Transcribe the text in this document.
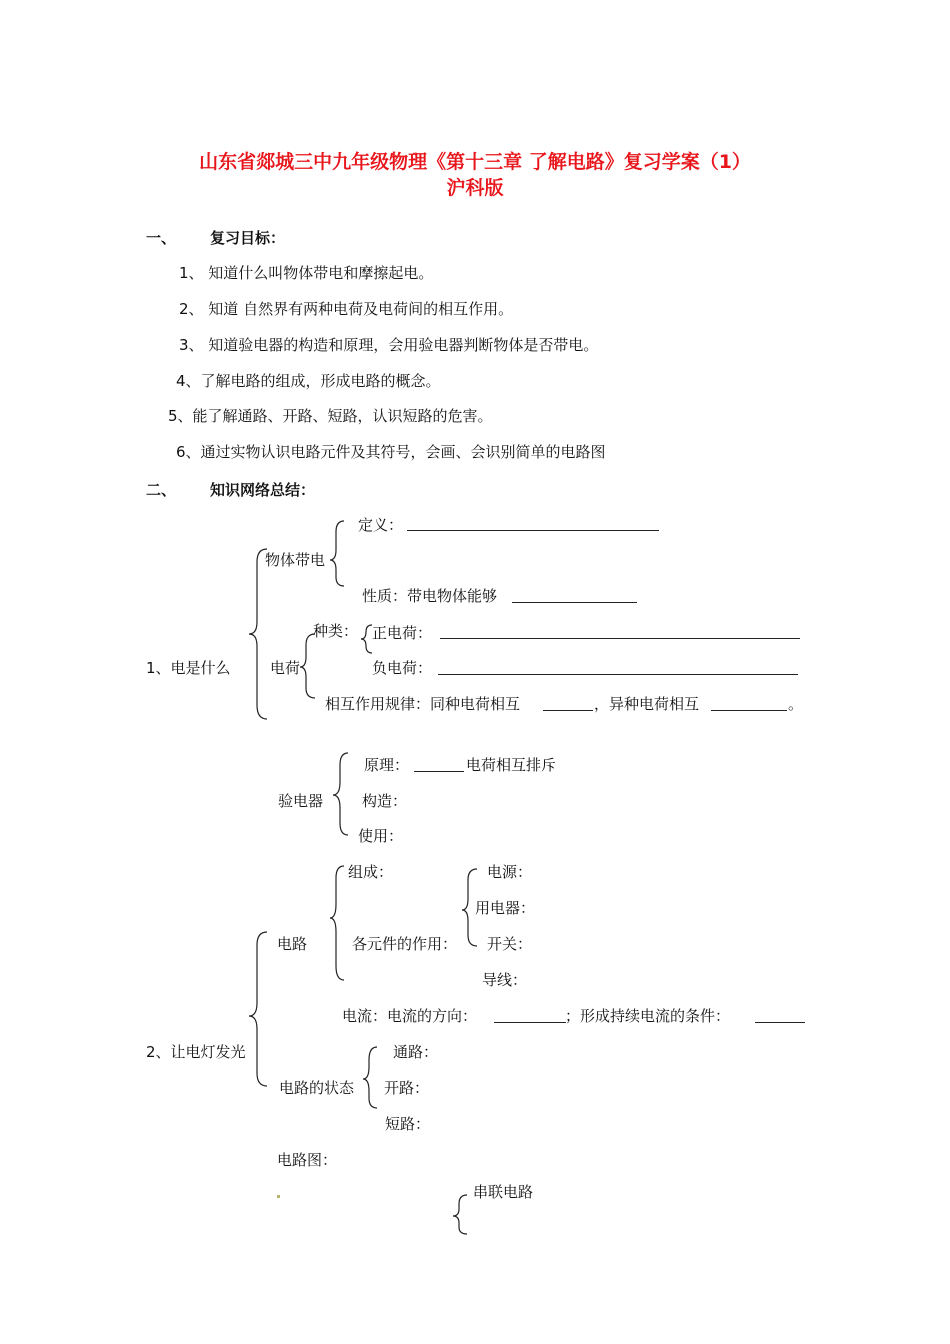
山东省郯城三中九年级物理《第十三章 了解电路》复习学案（1）
沪科版
一、 复习目标：
1、 知道什么叫物体带电和摩擦起电。
2、 知道 自然界有两种电荷及电荷间的相互作用。
3、 知道验电器的构造和原理，会用验电器判断物体是否带电。
4、了解电路的组成，形成电路的概念。
5、能了解通路、开路、短路，认识短路的危害。
6、通过实物认识电路元件及其符号，会画、会识别简单的电路图
二、 知识网络总结：
1、电是什么
物体带电
定义：
性质：带电物体能够
电荷
种类： 正电荷：
负电荷：
相互作用规律：同种电荷相互	，异种电荷相互	。
验电器
原理：	电荷相互排斥
构造：
使用：
2、让电灯发光
电路
组成：
各元件的作用：
电源：
用电器：
开关：
导线：
电流：电流的方向：	；形成持续电流的条件：
电路的状态
通路：
开路：
短路：
电路图：
串联电路
